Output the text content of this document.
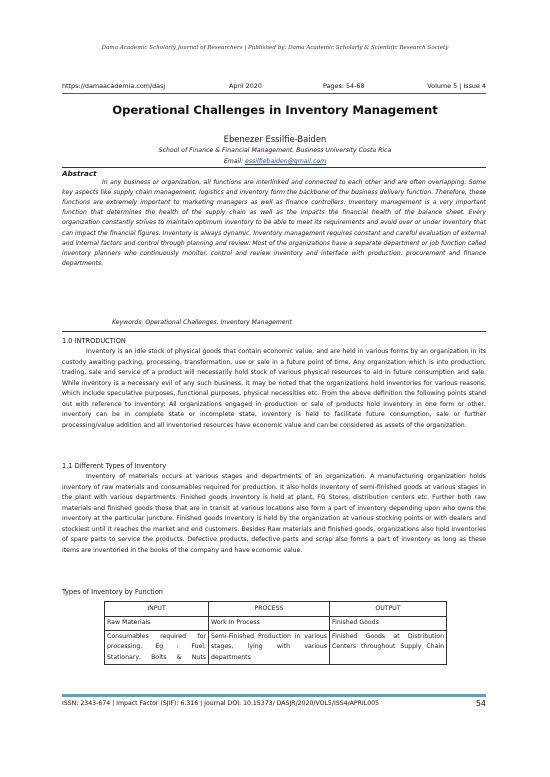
Dama Academic Scholarly Journal of Researchers | Published by: Dama Academic Scholarly & Scientific Research Society
https://damaacademia.com/dasj	April 2020	Pages: 54-68	Volume 5 | Issue 4
Operational Challenges in Inventory Management
Ebenezer Essilfie-Baiden
School of Finance & Financial Management, Business University Costa Rica
Email: essilfiebaiden@gmail.com
Abstract
In any business or organization, all functions are interlinked and connected to each other and are often overlapping. Some key aspects like supply chain management, logistics and inventory form the backbone of the business delivery function. Therefore, these functions are extremely important to marketing managers as well as finance controllers. Inventory management is a very important function that determines the health of the supply chain as well as the impacts the financial health of the balance sheet. Every organization constantly strives to maintain optimum inventory to be able to meet its requirements and avoid over or under inventory that can impact the financial figures. Inventory is always dynamic. Inventory management requires constant and careful evaluation of external and internal factors and control through planning and review. Most of the organizations have a separate department or job function called inventory planners who continuously monitor, control and review inventory and interface with production, procurement and finance departments.
Keywords: Operational Challenges, Inventory Management
1.0 INTRODUCTION
Inventory is an idle stock of physical goods that contain economic value, and are held in various forms by an organization in its custody awaiting packing, processing, transformation, use or sale in a future point of time. Any organization which is into production, trading, sale and service of a product will necessarily hold stock of various physical resources to aid in future consumption and sale. While inventory is a necessary evil of any such business, it may be noted that the organizations hold inventories for various reasons, which include speculative purposes, functional purposes, physical necessities etc. From the above definition the following points stand out with reference to inventory: All organizations engaged in production or sale of products hold inventory in one form or other, inventory can be in complete state or incomplete state, inventory is held to facilitate future consumption, sale or further processing/value addition and all inventoried resources have economic value and can be considered as assets of the organization.
1.1 Different Types of Inventory
Inventory of materials occurs at various stages and departments of an organization. A manufacturing organization holds inventory of raw materials and consumables required for production. It also holds inventory of semi-finished goods at various stages in the plant with various departments. Finished goods inventory is held at plant, FG Stores, distribution centers etc. Further both raw materials and finished goods those that are in transit at various locations also form a part of inventory depending upon who owns the inventory at the particular juncture. Finished goods inventory is held by the organization at various stocking points or with dealers and stockiest until it reaches the market and end customers. Besides Raw materials and finished goods, organizations also hold inventories of spare parts to service the products. Defective products, defective parts and scrap also forms a part of inventory as long as these items are inventoried in the books of the company and have economic value.
Types of Inventory by Function
INPUT	PROCESS	OUTPUT
Raw Materials	Work In Process	Finished Goods
Consumables required for processing. Eg : Fuel, Stationary, Bolts & Nuts	Semi-Finished Production in various stages, lying with various departments	Finished Goods at Distribution Centers throughout Supply Chain
ISSN: 2343-674 | Impact Factor (SJIF): 6.316 | Journal DOI: 10.15373/ DASJR/2020/VOL5/ISS4/APRIL005	54
